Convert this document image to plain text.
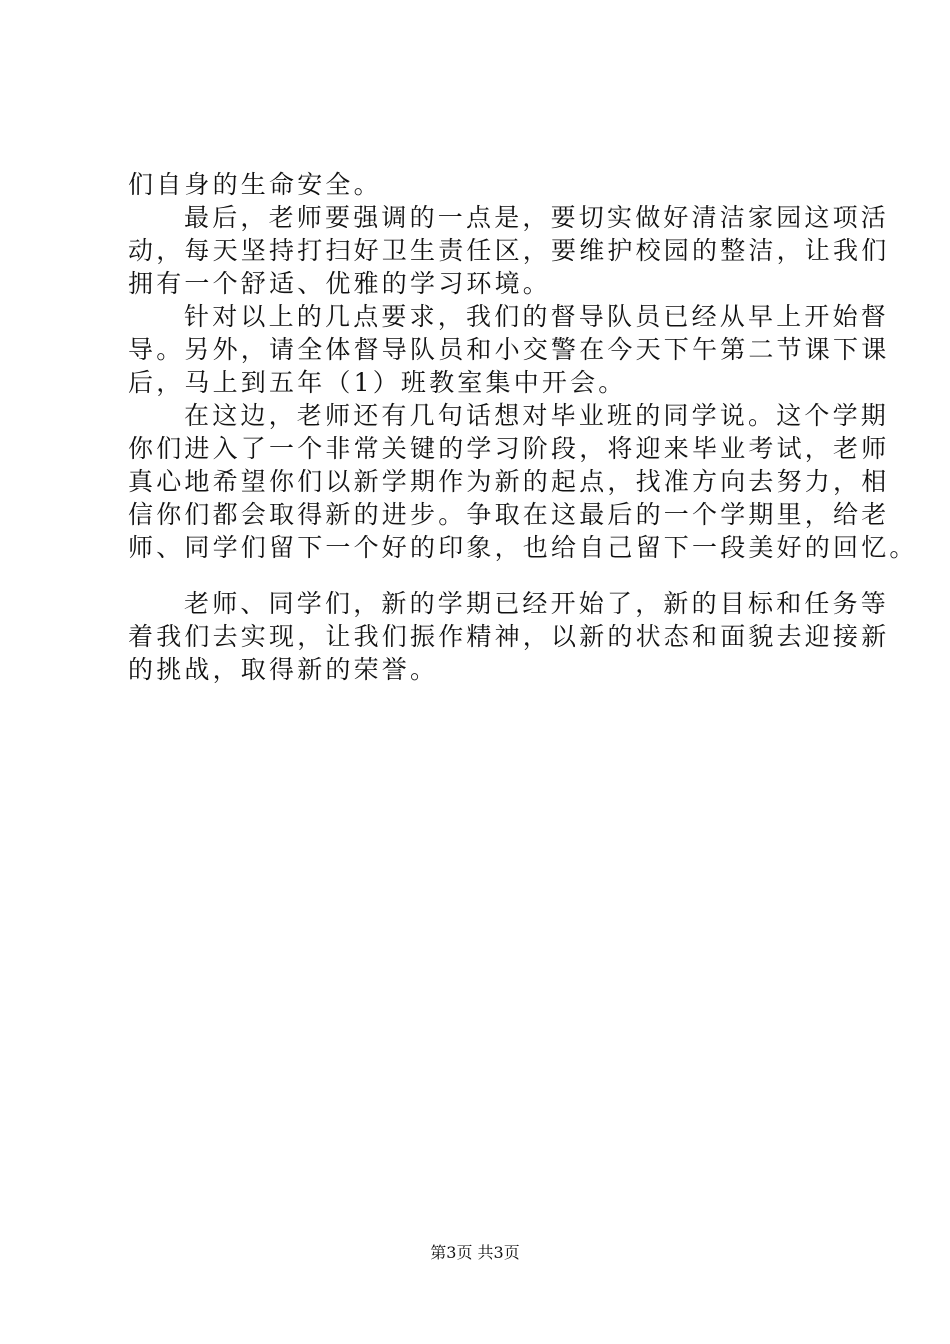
们自身的生命安全。
最后，老师要强调的一点是，要切实做好清洁家园这项活
动，每天坚持打扫好卫生责任区，要维护校园的整洁，让我们
拥有一个舒适、优雅的学习环境。
针对以上的几点要求，我们的督导队员已经从早上开始督
导。另外，请全体督导队员和小交警在今天下午第二节课下课
后，马上到五年（1）班教室集中开会。
在这边，老师还有几句话想对毕业班的同学说。这个学期
你们进入了一个非常关键的学习阶段，将迎来毕业考试，老师
真心地希望你们以新学期作为新的起点，找准方向去努力，相
信你们都会取得新的进步。争取在这最后的一个学期里，给老
师、同学们留下一个好的印象，也给自己留下一段美好的回忆。
老师、同学们，新的学期已经开始了，新的目标和任务等
着我们去实现，让我们振作精神，以新的状态和面貌去迎接新
的挑战，取得新的荣誉。
第3页 共3页
